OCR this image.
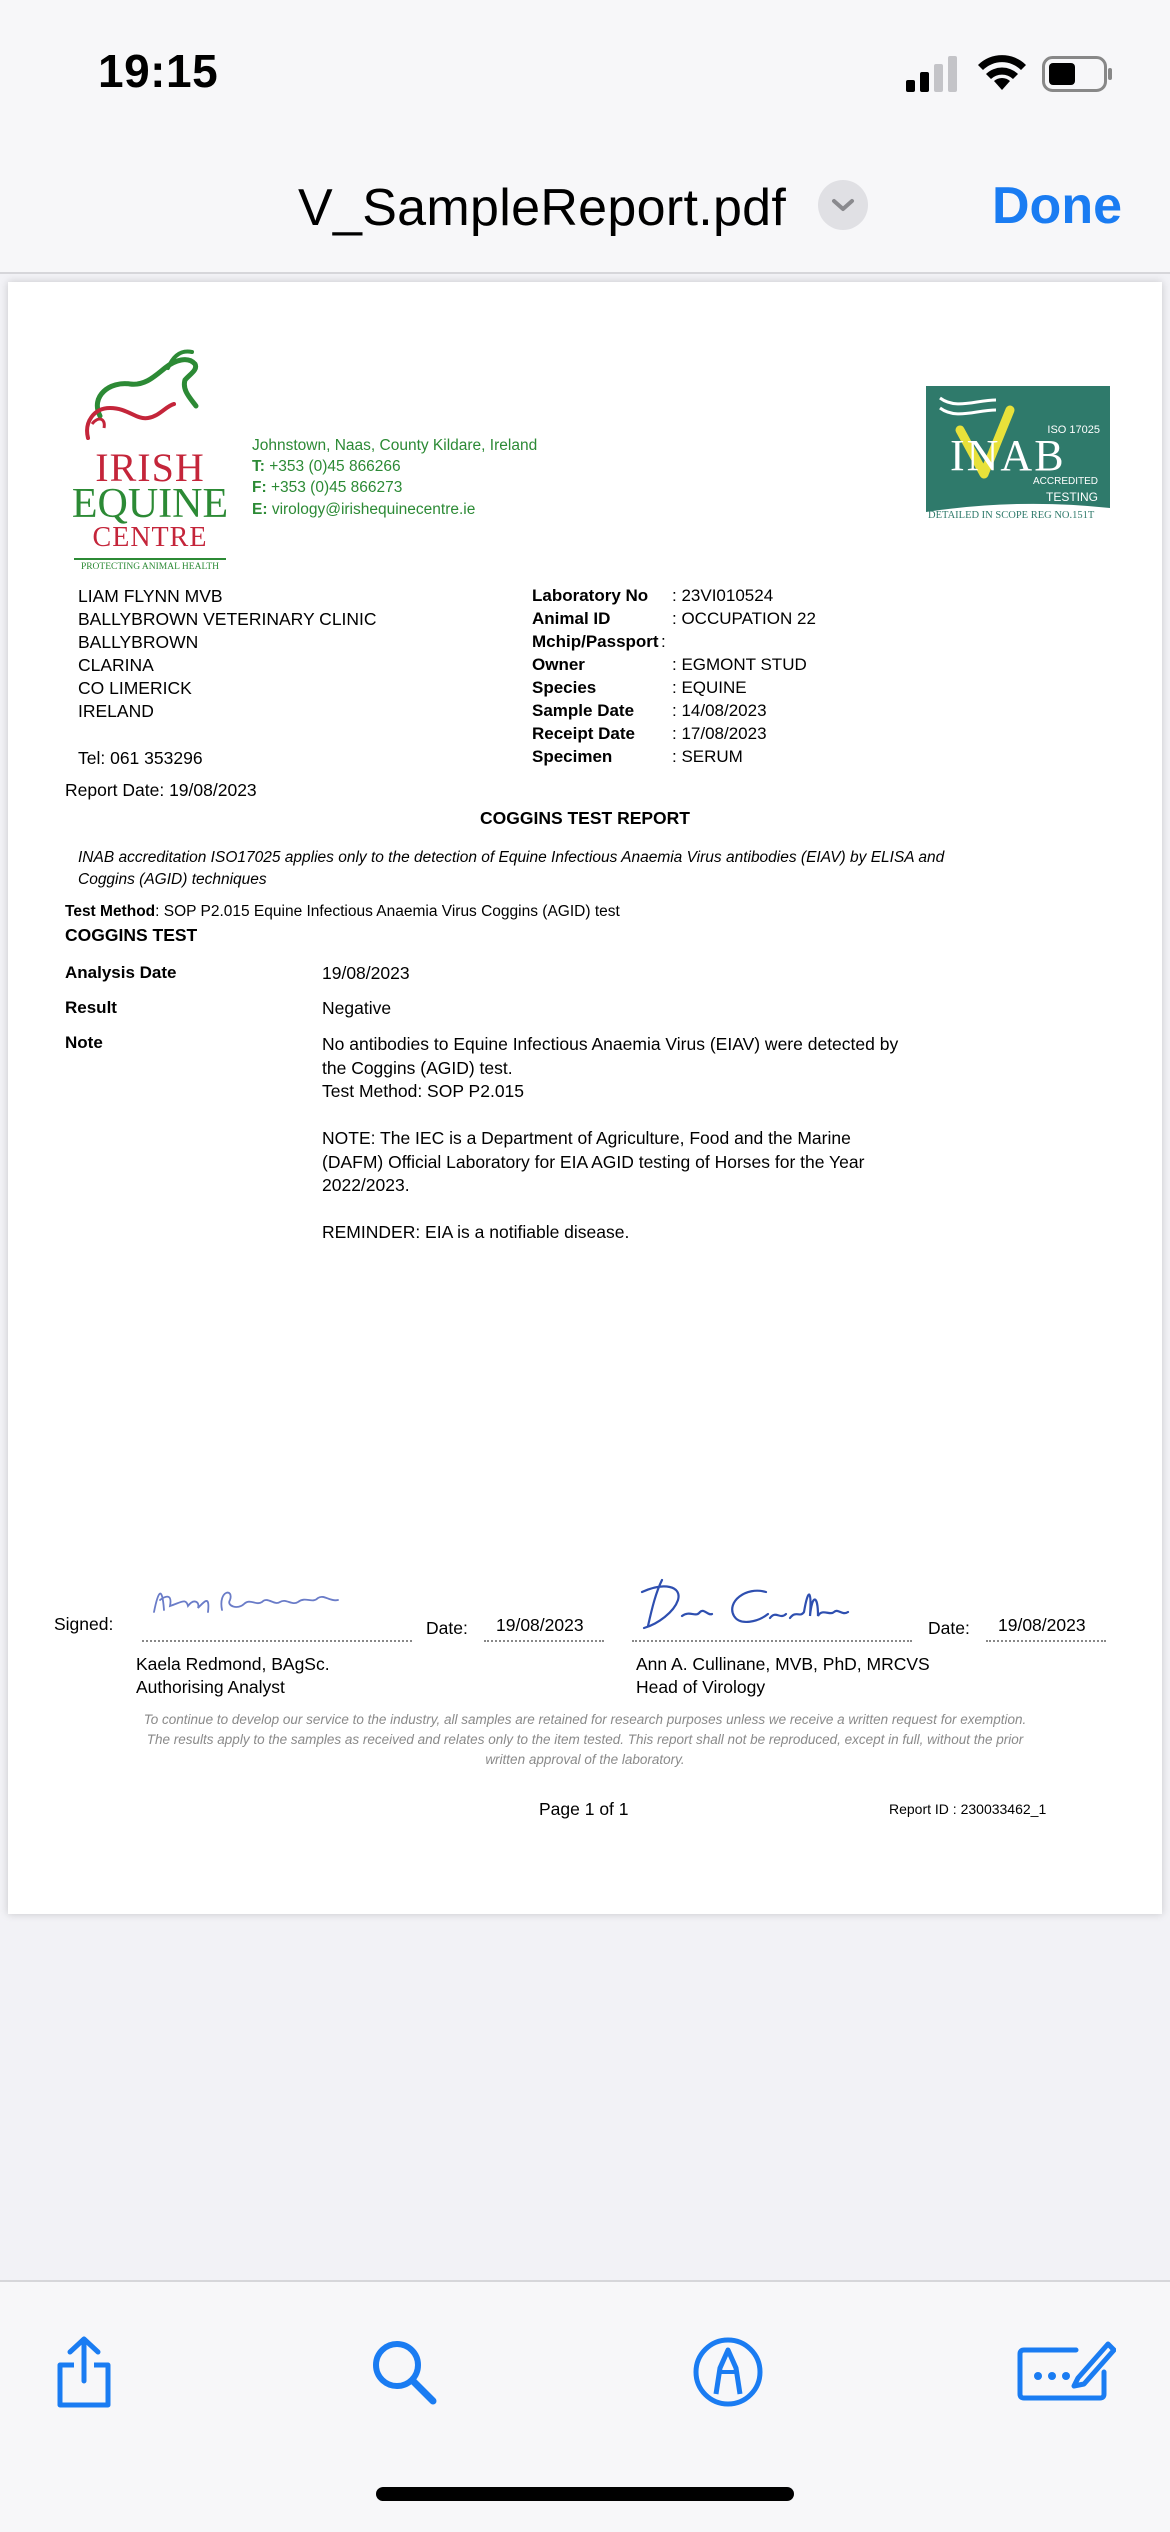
19:15
V_SampleReport.pdf	Done
IRISH
EQUINE
CENTRE
PROTECTING ANIMAL HEALTH
Johnstown, Naas, County Kildare, Ireland
T: +353 (0)45 866266
F: +353 (0)45 866273
E: virology@irishequinecentre.ie
ISO 17025
INAB
ACCREDITED
TESTING
DETAILED IN SCOPE REG NO.151T
LIAM FLYNN MVB
BALLYBROWN VETERINARY CLINIC
BALLYBROWN
CLARINA
CO LIMERICK
IRELAND
Tel: 061 353296
Laboratory No : 23VI010524
Animal ID	: OCCUPATION 22
Mchip/Passport :
Owner	: EGMONT STUD
Species	: EQUINE
Sample Date : 14/08/2023
Receipt Date : 17/08/2023
Specimen	: SERUM
Report Date: 19/08/2023
COGGINS TEST REPORT
INAB accreditation ISO17025 applies only to the detection of Equine Infectious Anaemia Virus antibodies (EIAV) by ELISA and
Coggins (AGID) techniques
Test Method: SOP P2.015 Equine Infectious Anaemia Virus Coggins (AGID) test
COGGINS TEST
Analysis Date	19/08/2023
Result	Negative
Note	No antibodies to Equine Infectious Anaemia Virus (EIAV) were detected by
the Coggins (AGID) test.
Test Method: SOP P2.015
NOTE: The IEC is a Department of Agriculture, Food and the Marine
(DAFM) Official Laboratory for EIA AGID testing of Horses for the Year
2022/2023.
REMINDER: EIA is a notifiable disease.
Signed:
Kaela Redmond
Date: 19/08/2023
Kaela Redmond, BAgSc.
Authorising Analyst
Ann Cullinane
Date: 19/08/2023
Ann A. Cullinane, MVB, PhD, MRCVS
Head of Virology
To continue to develop our service to the industry, all samples are retained for research purposes unless we receive a written request for exemption.
The results apply to the samples as received and relates only to the item tested. This report shall not be reproduced, except in full, without the prior
written approval of the laboratory.
Page 1 of 1	Report ID : 230033462_1
